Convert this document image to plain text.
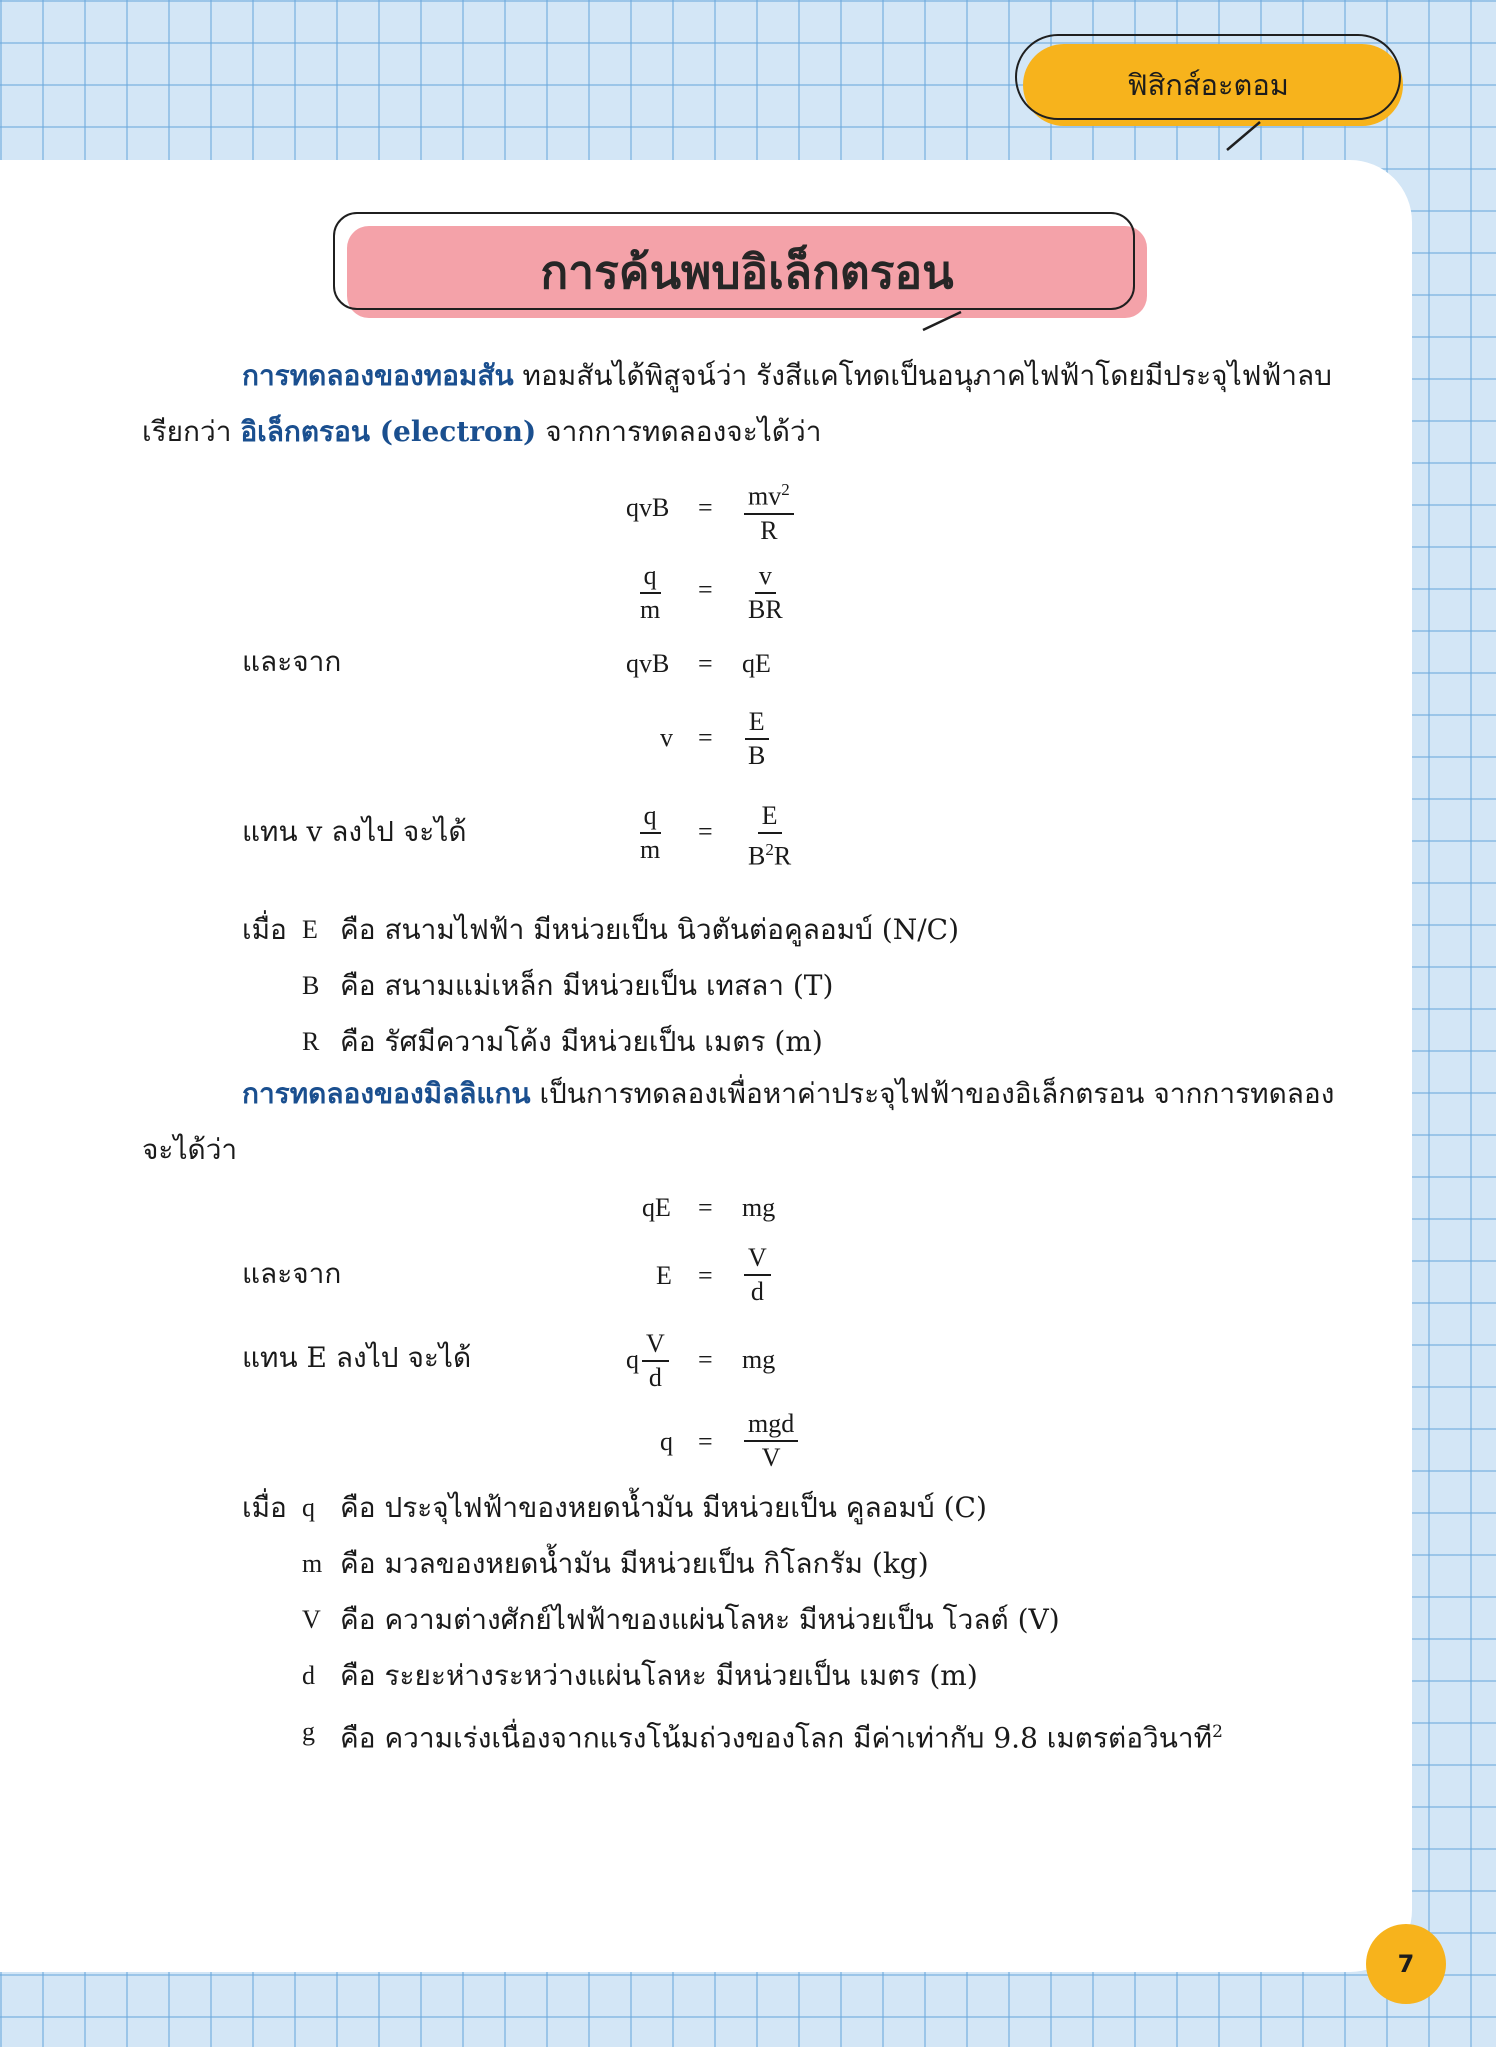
ฟิสิกส์อะตอม
การค้นพบอิเล็กตรอน
การทดลองของทอมสัน ทอมสันได้พิสูจน์ว่า รังสีแคโทดเป็นอนุภาคไฟฟ้าโดยมีประจุไฟฟ้าลบ
เรียกว่า อิเล็กตรอน (electron) จากการทดลองจะได้ว่า
qvB = $\frac{mv^2}{R}$
$\frac{q}{m} = \frac{v}{BR}$
และจาก	qvB = qE
$v = \frac{E}{B}$
แทน v ลงไป จะได้	$\frac{q}{m} = \frac{E}{B^2R}$
เมื่อ E คือ สนามไฟฟ้า มีหน่วยเป็น นิวตันต่อคูลอมบ์ (N/C)
B คือ สนามแม่เหล็ก มีหน่วยเป็น เทสลา (T)
R คือ รัศมีความโค้ง มีหน่วยเป็น เมตร (m)
การทดลองของมิลลิแกน เป็นการทดลองเพื่อหาค่าประจุไฟฟ้าของอิเล็กตรอน จากการทดลอง
จะได้ว่า
qE = mg
และจาก	$E = \frac{V}{d}$
แทน E ลงไป จะได้	q $\frac{V}{d}$ = mg
q =
mgd
V
เมื่อ q คือ ประจุไฟฟ้าของหยดน้ำมัน มีหน่วยเป็น คูลอมบ์ (C)
m คือ มวลของหยดน้ำมัน มีหน่วยเป็น กิโลกรัม (kg)
V คือ ความต่างศักย์ไฟฟ้าของแผ่นโลหะ มีหน่วยเป็น โวลต์ (V)
d คือ ระยะห่างระหว่างแผ่นโลหะ มีหน่วยเป็น เมตร (m)
g คือ ความเร่งเนื่องจากแรงโน้มถ่วงของโลก มีค่าเท่ากับ 9.8 เมตรต่อวินาที$^2$
7
